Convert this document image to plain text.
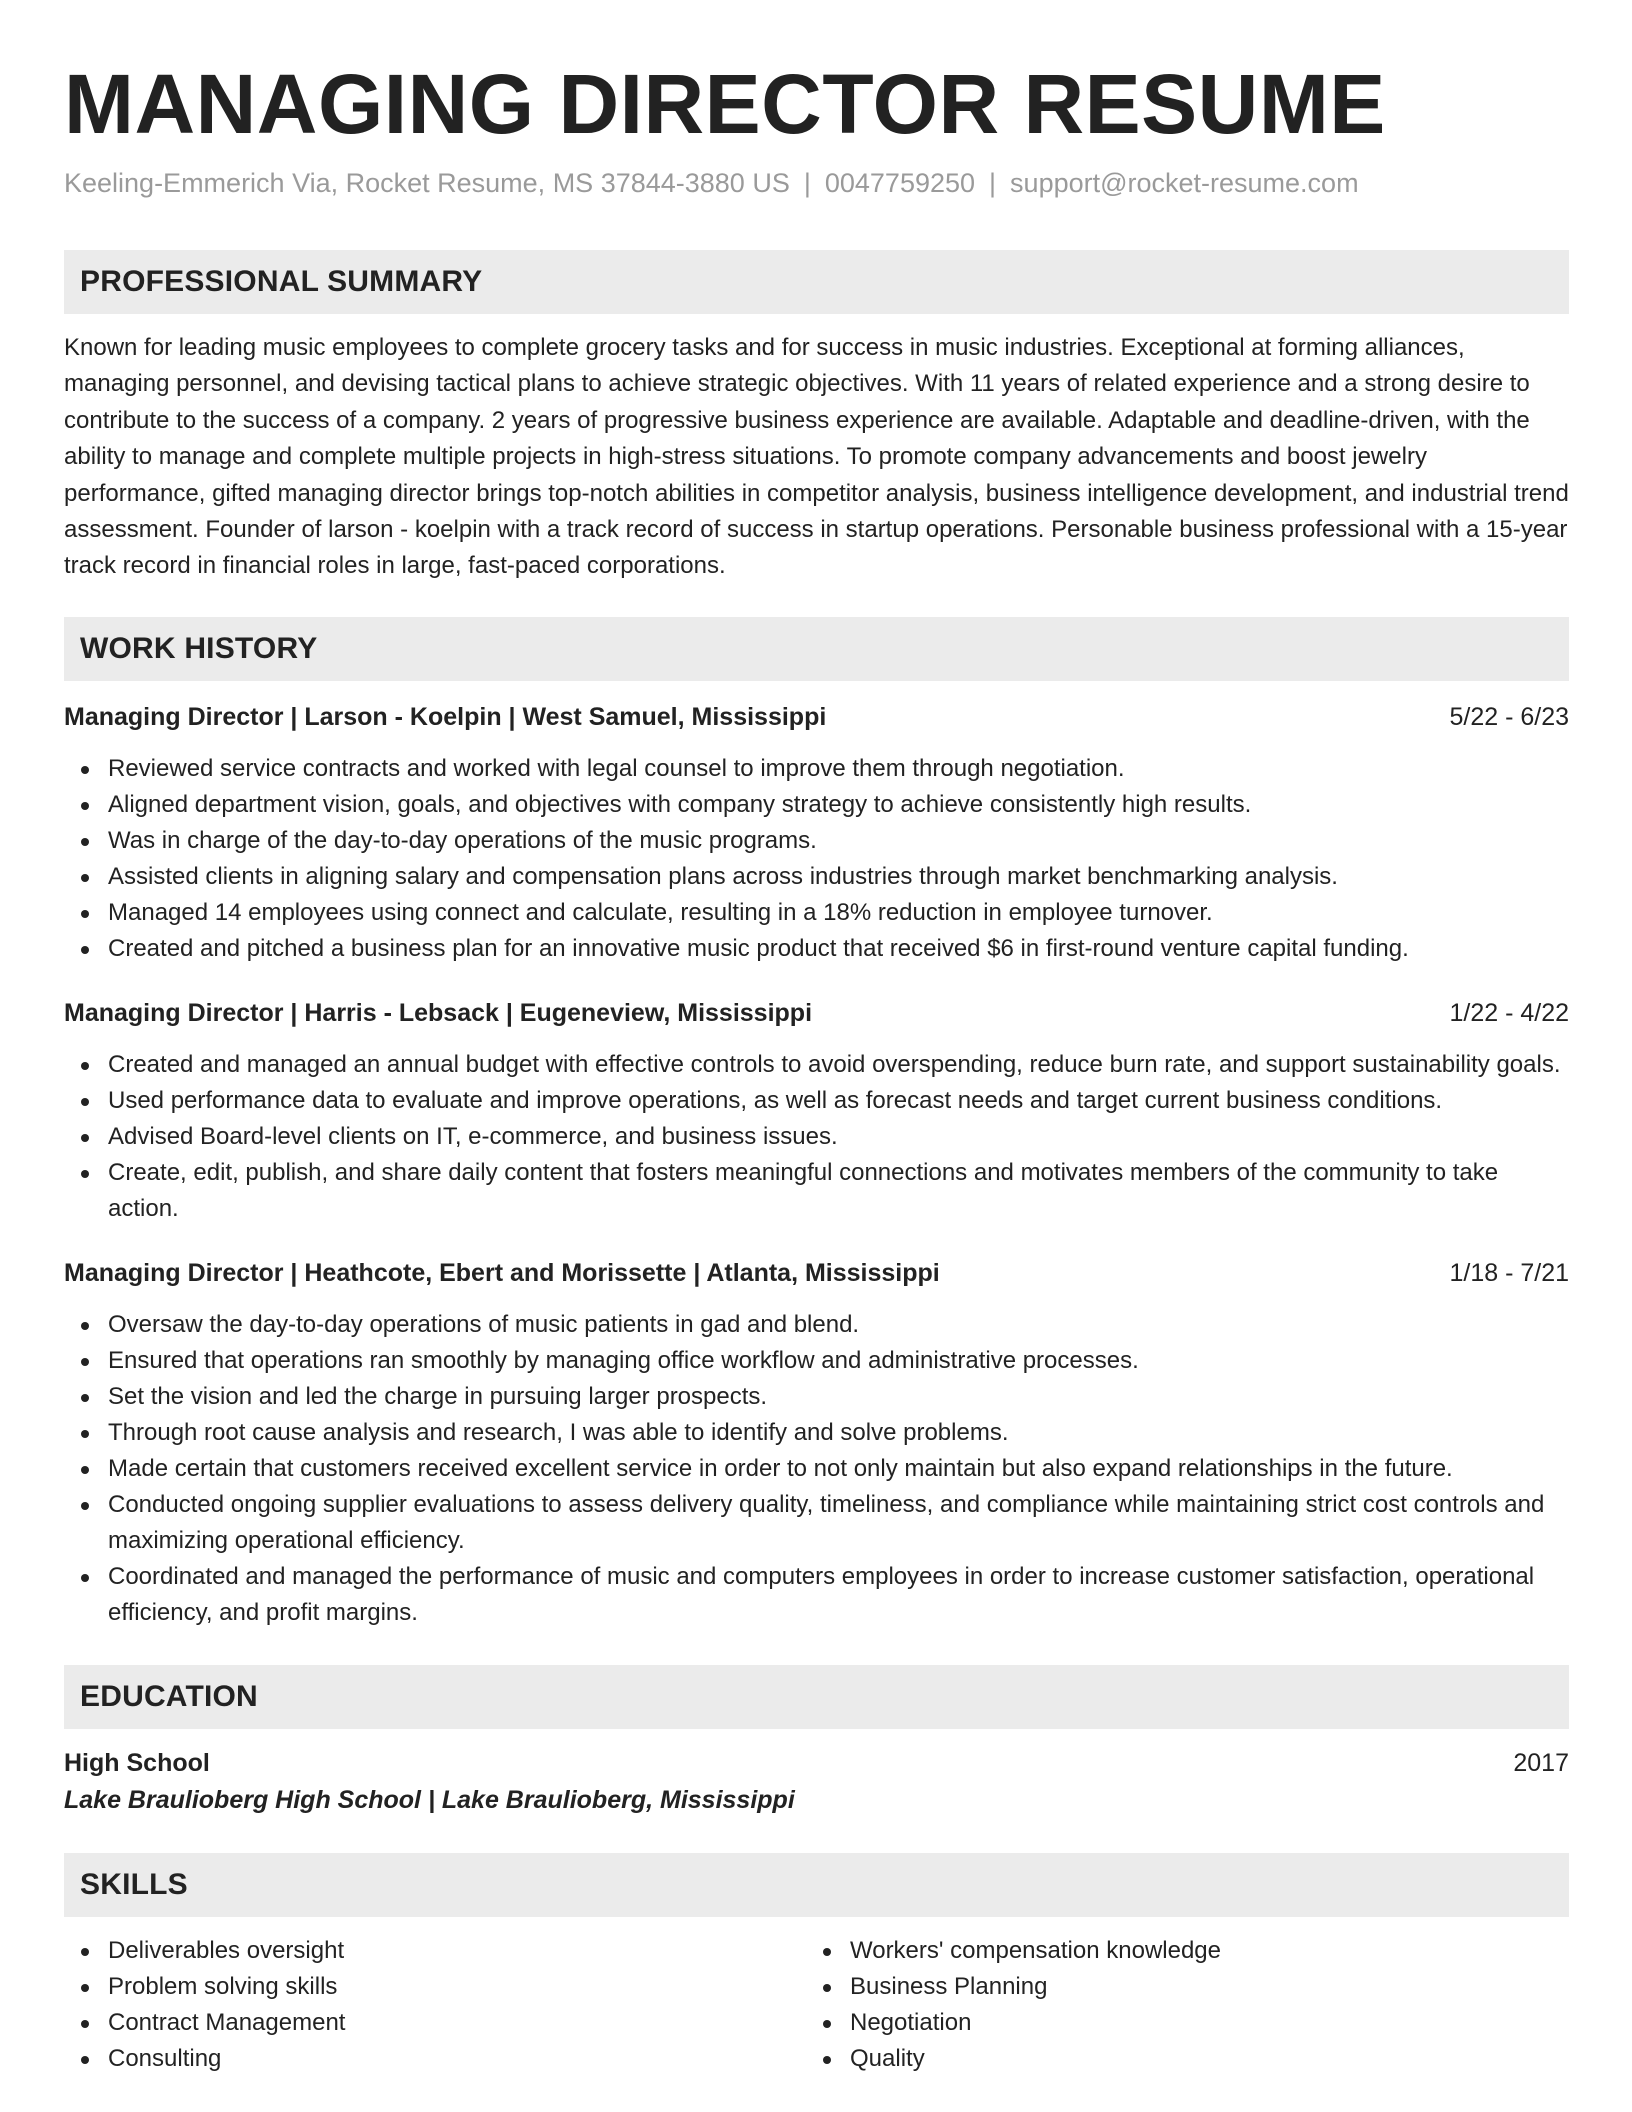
MANAGING DIRECTOR RESUME
Keeling-Emmerich Via, Rocket Resume, MS 37844-3880 US | 0047759250 | support@rocket-resume.com
PROFESSIONAL SUMMARY

Known for leading music employees to complete grocery tasks and for success in music industries. Exceptional at forming alliances, managing personnel, and devising tactical plans to achieve strategic objectives. With 11 years of related experience and a strong desire to contribute to the success of a company. 2 years of progressive business experience are available. Adaptable and deadline-driven, with the ability to manage and complete multiple projects in high-stress situations. To promote company advancements and boost jewelry performance, gifted managing director brings top-notch abilities in competitor analysis, business intelligence development, and industrial trend assessment. Founder of larson - koelpin with a track record of success in startup operations. Personable business professional with a 15-year track record in financial roles in large, fast-paced corporations.

WORK HISTORY
Managing Director | Larson - Koelpin | West Samuel, Mississippi	5/22 - 6/23
Reviewed service contracts and worked with legal counsel to improve them through negotiation.
Aligned department vision, goals, and objectives with company strategy to achieve consistently high results.
Was in charge of the day-to-day operations of the music programs.
Assisted clients in aligning salary and compensation plans across industries through market benchmarking analysis.
Managed 14 employees using connect and calculate, resulting in a 18% reduction in employee turnover.
Created and pitched a business plan for an innovative music product that received $6 in first-round venture capital funding.
Managing Director | Harris - Lebsack | Eugeneview, Mississippi	1/22 - 4/22
Created and managed an annual budget with effective controls to avoid overspending, reduce burn rate, and support sustainability goals.
Used performance data to evaluate and improve operations, as well as forecast needs and target current business conditions.
Advised Board-level clients on IT, e-commerce, and business issues.
Create, edit, publish, and share daily content that fosters meaningful connections and motivates members of the community to take action.
Managing Director | Heathcote, Ebert and Morissette | Atlanta, Mississippi	1/18 - 7/21
Oversaw the day-to-day operations of music patients in gad and blend.
Ensured that operations ran smoothly by managing office workflow and administrative processes.
Set the vision and led the charge in pursuing larger prospects.
Through root cause analysis and research, I was able to identify and solve problems.
Made certain that customers received excellent service in order to not only maintain but also expand relationships in the future.
Conducted ongoing supplier evaluations to assess delivery quality, timeliness, and compliance while maintaining strict cost controls and maximizing operational efficiency.
Coordinated and managed the performance of music and computers employees in order to increase customer satisfaction, operational efficiency, and profit margins.
EDUCATION
High School	2017
Lake Braulioberg High School | Lake Braulioberg, Mississippi
SKILLS
Deliverables oversight
Problem solving skills
Contract Management
Consulting
Workers' compensation knowledge
Business Planning
Negotiation
Quality
